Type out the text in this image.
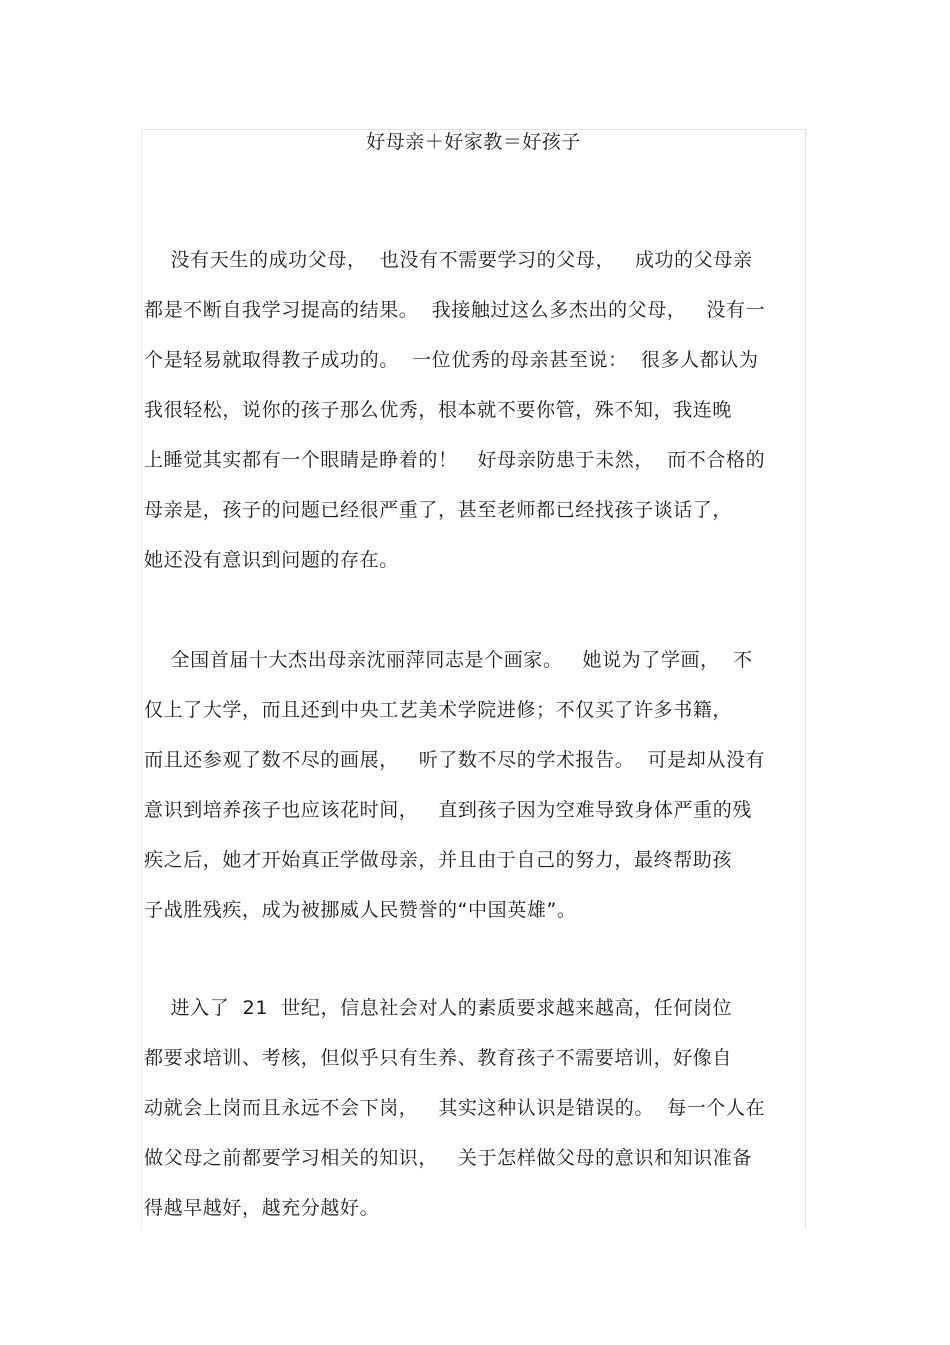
好母亲＋好家教＝好孩子
没有天生的成功父母，  也没有不需要学习的父母，   成功的父母亲
都是不断自我学习提高的结果。  我接触过这么多杰出的父母，   没有一
个是轻易就取得教子成功的。  一位优秀的母亲甚至说：  很多人都认为
我很轻松，说你的孩子那么优秀，根本就不要你管，殊不知，我连晚
上睡觉其实都有一个眼睛是睁着的！   好母亲防患于未然，  而不合格的
母亲是，孩子的问题已经很严重了，甚至老师都已经找孩子谈话了，
她还没有意识到问题的存在。
全国首届十大杰出母亲沈丽萍同志是个画家。   她说为了学画，  不
仅上了大学，而且还到中央工艺美术学院进修；不仅买了许多书籍，
而且还参观了数不尽的画展，   听了数不尽的学术报告。  可是却从没有
意识到培养孩子也应该花时间，   直到孩子因为空难导致身体严重的残
疾之后，她才开始真正学做母亲，并且由于自己的努力，最终帮助孩
子战胜残疾，成为被挪威人民赞誉的“中国英雄”。
进入了  21  世纪，信息社会对人的素质要求越来越高，任何岗位
都要求培训、考核，但似乎只有生养、教育孩子不需要培训，好像自
动就会上岗而且永远不会下岗，   其实这种认识是错误的。  每一个人在
做父母之前都要学习相关的知识，   关于怎样做父母的意识和知识准备
得越早越好，越充分越好。
